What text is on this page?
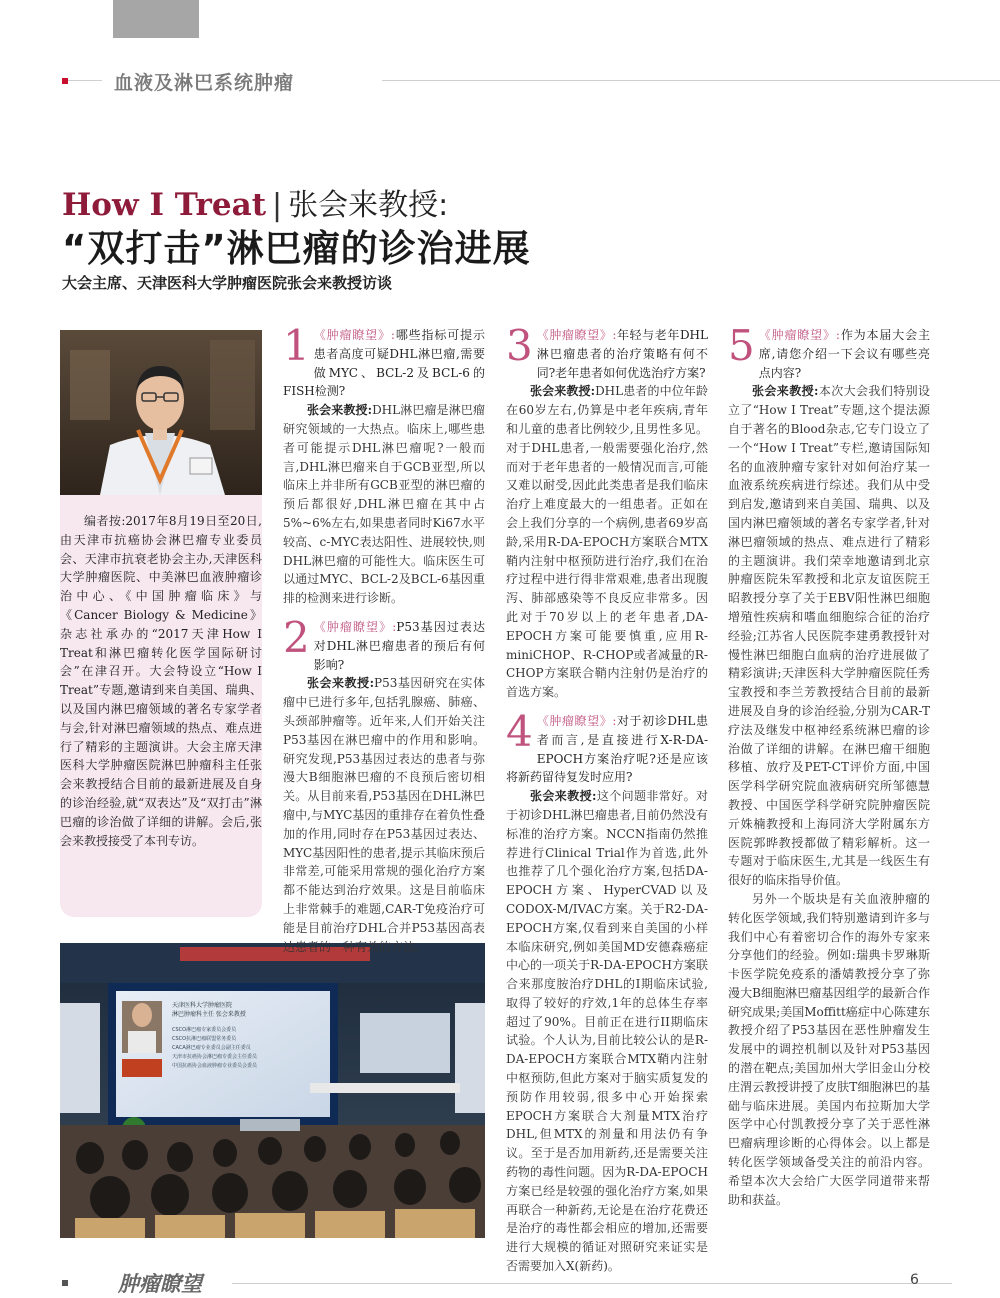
血液及淋巴系统肿瘤
How I Treat | 张会来教授:
“双打击”淋巴瘤的诊治进展
大会主席、天津医科大学肿瘤医院张会来教授访谈

编者按:2017年8月19日至20日,由天津市抗癌协会淋巴瘤专业委员会、天津市抗衰老协会主办,天津医科大学肿瘤医院、中美淋巴血液肿瘤诊治中心、《中国肿瘤临床》与《Cancer Biology & Medicine》杂志社承办的“2017天津How I Treat和淋巴瘤转化医学国际研讨会”在津召开。大会特设立“How I Treat”专题,邀请到来自美国、瑞典、以及国内淋巴瘤领域的著名专家学者与会,针对淋巴瘤领域的热点、难点进行了精彩的主题演讲。大会主席天津医科大学肿瘤医院淋巴肿瘤科主任张会来教授结合目前的最新进展及自身的诊治经验,就“双表达”及“双打击”淋巴瘤的诊治做了详细的讲解。会后,张会来教授接受了本刊专访。

天津医科大学肿瘤医院
淋巴肿瘤科主任 张会来教授
CSCO淋巴瘤专家委员会委员
CSCO抗淋巴瘤联盟常务委员
CACA淋巴瘤专业委员会副主任委员
天津市抗癌协会淋巴瘤专委会主任委员
中国抗癌协会血液肿瘤专业委员会委员
1 《肿瘤瞭望》:哪些指标可提示患者高度可疑DHL淋巴瘤,需要做MYC、BCL-2及BCL-6的FISH检测?

张会来教授:DHL淋巴瘤是淋巴瘤研究领域的一大热点。临床上,哪些患者可能提示DHL淋巴瘤呢?一般而言,DHL淋巴瘤来自于GCB亚型,所以临床上并非所有GCB亚型的淋巴瘤的预后都很好,DHL淋巴瘤在其中占5%~6%左右,如果患者同时Ki67水平较高、c-MYC表达阳性、进展较快,则DHL淋巴瘤的可能性大。临床医生可以通过MYC、BCL-2及BCL-6基因重排的检测来进行诊断。

2 《肿瘤瞭望》:P53基因过表达对DHL淋巴瘤患者的预后有何影响?

张会来教授:P53基因研究在实体瘤中已进行多年,包括乳腺癌、肺癌、头颈部肿瘤等。近年来,人们开始关注P53基因在淋巴瘤中的作用和影响。研究发现,P53基因过表达的患者与弥漫大B细胞淋巴瘤的不良预后密切相关。从目前来看,P53基因在DHL淋巴瘤中,与MYC基因的重排存在着负性叠加的作用,同时存在P53基因过表达、MYC基因阳性的患者,提示其临床预后非常差,可能采用常规的强化治疗方案都不能达到治疗效果。这是目前临床上非常棘手的难题,CAR-T免疫治疗可能是目前治疗DHL合并P53基因高表达患者的一种有效的方法。

3 《肿瘤瞭望》:年轻与老年DHL淋巴瘤患者的治疗策略有何不同?老年患者如何优选治疗方案?

张会来教授:DHL患者的中位年龄在60岁左右,仍算是中老年疾病,青年和儿童的患者比例较少,且男性多见。对于DHL患者,一般需要强化治疗,然而对于老年患者的一般情况而言,可能又难以耐受,因此此类患者是我们临床治疗上难度最大的一组患者。正如在会上我们分享的一个病例,患者69岁高龄,采用R-DA-EPOCH方案联合MTX鞘内注射中枢预防进行治疗,我们在治疗过程中进行得非常艰难,患者出现腹泻、肺部感染等不良反应非常多。因此对于70岁以上的老年患者,DA-EPOCH方案可能要慎重,应用R-miniCHOP、R-CHOP或者减量的R-CHOP方案联合鞘内注射仍是治疗的首选方案。

4 《肿瘤瞭望》:对于初诊DHL患者而言,是直接进行X-R-DA-EPOCH方案治疗呢?还是应该将新药留待复发时应用?

张会来教授:这个问题非常好。对于初诊DHL淋巴瘤患者,目前仍然没有标准的治疗方案。NCCN指南仍然推荐进行Clinical Trial作为首选,此外也推荐了几个强化治疗方案,包括DA-EPOCH方案、HyperCVAD以及CODOX-M/IVAC方案。关于R2-DA-EPOCH方案,仅看到来自美国的小样本临床研究,例如美国MD安德森癌症中心的一项关于R-DA-EPOCH方案联合来那度胺治疗DHL的I期临床试验,取得了较好的疗效,1年的总体生存率超过了90%。目前正在进行II期临床试验。个人认为,目前比较公认的是R-DA-EPOCH方案联合MTX鞘内注射中枢预防,但此方案对于脑实质复发的预防作用较弱,很多中心开始探索EPOCH方案联合大剂量MTX治疗DHL,但MTX的剂量和用法仍有争议。至于是否加用新药,还是需要关注药物的毒性问题。因为R-DA-EPOCH方案已经是较强的强化治疗方案,如果再联合一种新药,无论是在治疗花费还是治疗的毒性都会相应的增加,还需要进行大规模的循证对照研究来证实是否需要加入X(新药)。

5 《肿瘤瞭望》:作为本届大会主席,请您介绍一下会议有哪些亮点内容?

张会来教授:本次大会我们特别设立了“How I Treat”专题,这个提法源自于著名的Blood杂志,它专门设立了一个“How I Treat”专栏,邀请国际知名的血液肿瘤专家针对如何治疗某一血液系统疾病进行综述。我们从中受到启发,邀请到来自美国、瑞典、以及国内淋巴瘤领域的著名专家学者,针对淋巴瘤领域的热点、难点进行了精彩的主题演讲。我们荣幸地邀请到北京肿瘤医院朱军教授和北京友谊医院王昭教授分享了关于EBV阳性淋巴细胞增殖性疾病和嗜血细胞综合征的治疗经验;江苏省人民医院李建勇教授针对慢性淋巴细胞白血病的治疗进展做了精彩演讲;天津医科大学肿瘤医院任秀宝教授和李兰芳教授结合目前的最新进展及自身的诊治经验,分别为CAR-T疗法及继发中枢神经系统淋巴瘤的诊治做了详细的讲解。在淋巴瘤干细胞移植、放疗及PET-CT评价方面,中国医学科学研究院血液病研究所邹德慧教授、中国医学科学研究院肿瘤医院亓姝楠教授和上海同济大学附属东方医院郭晔教授都做了精彩解析。这一专题对于临床医生,尤其是一线医生有很好的临床指导价值。

另外一个版块是有关血液肿瘤的转化医学领域,我们特别邀请到许多与我们中心有着密切合作的海外专家来分享他们的经验。例如:瑞典卡罗琳斯卡医学院免疫系的潘婧教授分享了弥漫大B细胞淋巴瘤基因组学的最新合作研究成果;美国Moffitt癌症中心陈建东教授介绍了P53基因在恶性肿瘤发生发展中的调控机制以及针对P53基因的潜在靶点;美国加州大学旧金山分校庄渭云教授讲授了皮肤T细胞淋巴的基础与临床进展。美国内布拉斯加大学医学中心付凯教授分享了关于恶性淋巴瘤病理诊断的心得体会。以上都是转化医学领域备受关注的前沿内容。希望本次大会给广大医学同道带来帮助和获益。

肿瘤瞭望	6
